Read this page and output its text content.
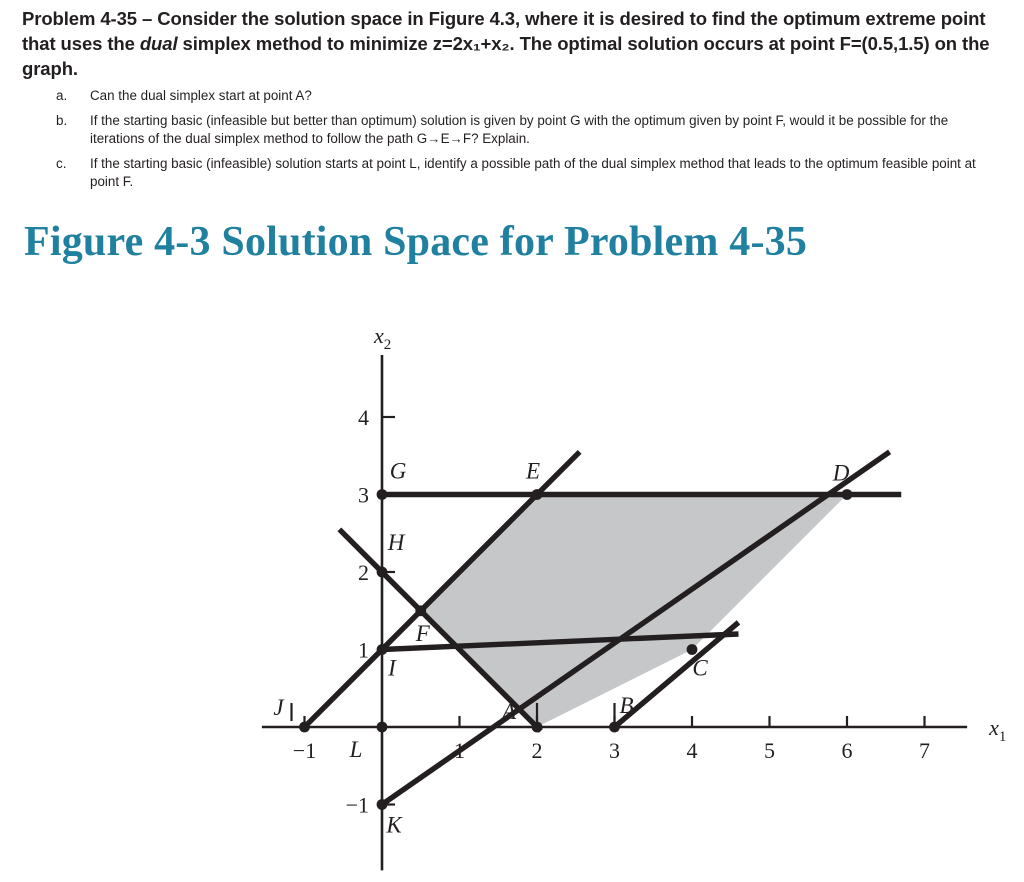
Problem 4-35 – Consider the solution space in Figure 4.3, where it is desired to find the optimum extreme point that uses the dual simplex method to minimize z=2x₁+x₂. The optimal solution occurs at point F=(0.5,1.5) on the graph.

a.	Can the dual simplex start at point A?
b.	If the starting basic (infeasible but better than optimum) solution is given by point G with the optimum given by point F, would it be possible for the iterations of the dual simplex method to follow the path G→E→F? Explain.
c.	If the starting basic (infeasible) solution starts at point L, identify a possible path of the dual simplex method that leads to the optimum feasible point at point F.
Figure 4-3 Solution Space for Problem 4-35
−1	1	2	3	4	5	6	7
−1
1
2
3
4
$x_1$
$x_2$
A	B
C
D
E
F
G
H
I
J
K
L
